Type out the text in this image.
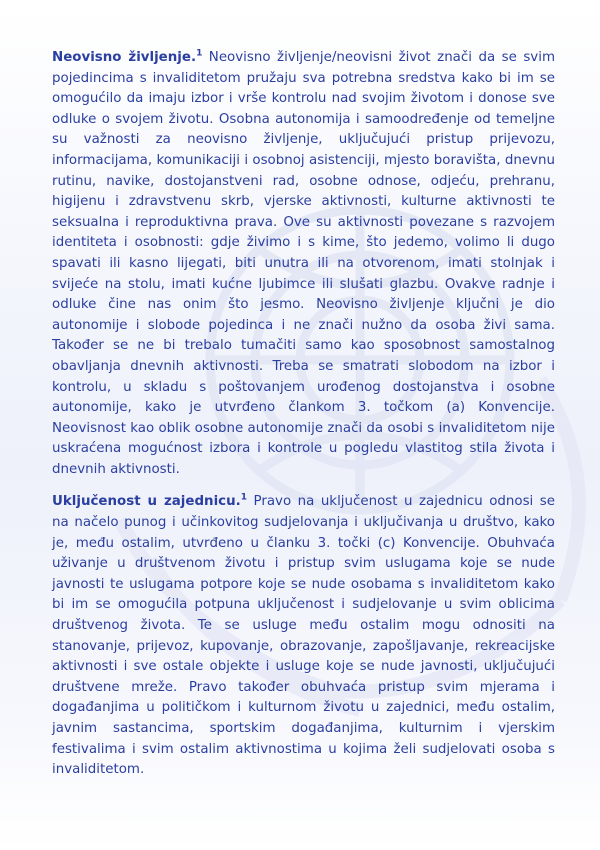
Neovisno življenje.$^1$ Neovisno življenje/neovisni život znači da se svim pojedincima s invaliditetom pružaju sva potrebna sredstva kako bi im se omogućilo da imaju izbor i vrše kontrolu nad svojim životom i donose sve odluke o svojem životu. Osobna autonomija i samoodređenje od temeljne su važnosti za neovisno življenje, uključujući pristup prijevozu, informacijama, komunikaciji i osobnoj asistenciji, mjesto boravišta, dnevnu rutinu, navike, dostojanstveni rad, osobne odnose, odjeću, prehranu, higijenu i zdravstvenu skrb, vjerske aktivnosti, kulturne aktivnosti te seksualna i reproduktivna prava. Ove su aktivnosti povezane s razvojem identiteta i osobnosti: gdje živimo i s kime, što jedemo, volimo li dugo spavati ili kasno lijegati, biti unutra ili na otvorenom, imati stolnjak i svijeće na stolu, imati kućne ljubimce ili slušati glazbu. Ovakve radnje i odluke čine nas onim što jesmo. Neovisno življenje ključni je dio autonomije i slobode pojedinca i ne znači nužno da osoba živi sama. Također se ne bi trebalo tumačiti samo kao sposobnost samostalnog obavljanja dnevnih aktivnosti. Treba se smatrati slobodom na izbor i kontrolu, u skladu s poštovanjem urođenog dostojanstva i osobne autonomije, kako je utvrđeno člankom 3. točkom (a) Konvencije. Neovisnost kao oblik osobne autonomije znači da osobi s invaliditetom nije uskraćena mogućnost izbora i kontrole u pogledu vlastitog stila života i dnevnih aktivnosti.

Uključenost u zajednicu.$^1$ Pravo na uključenost u zajednicu odnosi se na načelo punog i učinkovitog sudjelovanja i uključivanja u društvo, kako je, među ostalim, utvrđeno u članku 3. točki (c) Konvencije. Obuhvaća uživanje u društvenom životu i pristup svim uslugama koje se nude javnosti te uslugama potpore koje se nude osobama s invaliditetom kako bi im se omogućila potpuna uključenost i sudjelovanje u svim oblicima društvenog života. Te se usluge među ostalim mogu odnositi na stanovanje, prijevoz, kupovanje, obrazovanje, zapošljavanje, rekreacijske aktivnosti i sve ostale objekte i usluge koje se nude javnosti, uključujući društvene mreže. Pravo također obuhvaća pristup svim mjerama i događanjima u političkom i kulturnom životu u zajednici, među ostalim, javnim sastancima, sportskim događanjima, kulturnim i vjerskim festivalima i svim ostalim aktivnostima u kojima želi sudjelovati osoba s invaliditetom.
